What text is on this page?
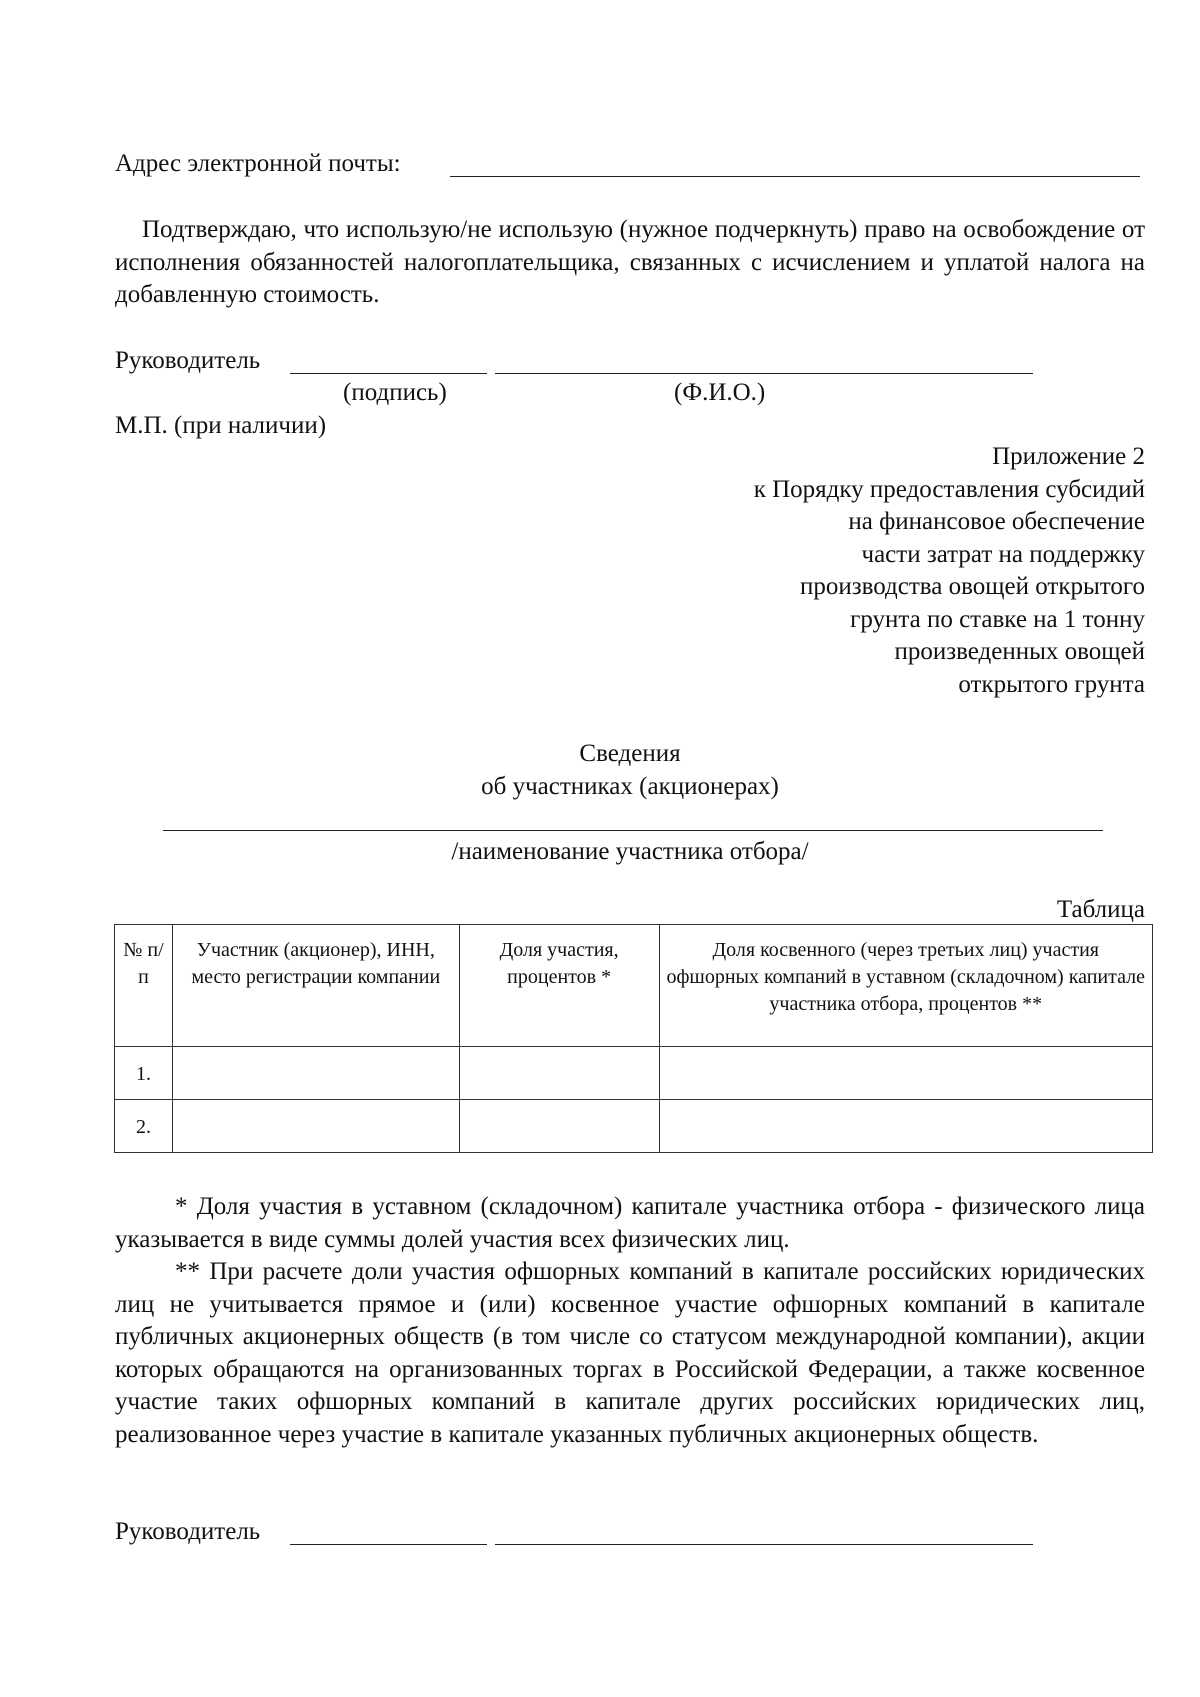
Адрес электронной почты:
Подтверждаю, что использую/не использую (нужное подчеркнуть) право на освобождение от исполнения обязанностей налогоплательщика, связанных с исчислением и уплатой налога на добавленную стоимость.
Руководитель
(подпись)	(Ф.И.О.)
М.П. (при наличии)
Приложение 2
к Порядку предоставления субсидий
на финансовое обеспечение
части затрат на поддержку
производства овощей открытого
грунта по ставке на 1 тонну
произведенных овощей
открытого грунта
Сведения
об участниках (акционерах)
/наименование участника отбора/
Таблица
№ п/п	Участник (акционер), ИНН, место регистрации компании	Доля участия, процентов *	Доля косвенного (через третьих лиц) участия офшорных компаний в уставном (складочном) капитале участника отбора, процентов **
1.			
2.			
* Доля участия в уставном (складочном) капитале участника отбора - физического лица указывается в виде суммы долей участия всех физических лиц.
** При расчете доли участия офшорных компаний в капитале российских юридических лиц не учитывается прямое и (или) косвенное участие офшорных компаний в капитале публичных акционерных обществ (в том числе со статусом международной компании), акции которых обращаются на организованных торгах в Российской Федерации, а также косвенное участие таких офшорных компаний в капитале других российских юридических лиц, реализованное через участие в капитале указанных публичных акционерных обществ.
Руководитель
